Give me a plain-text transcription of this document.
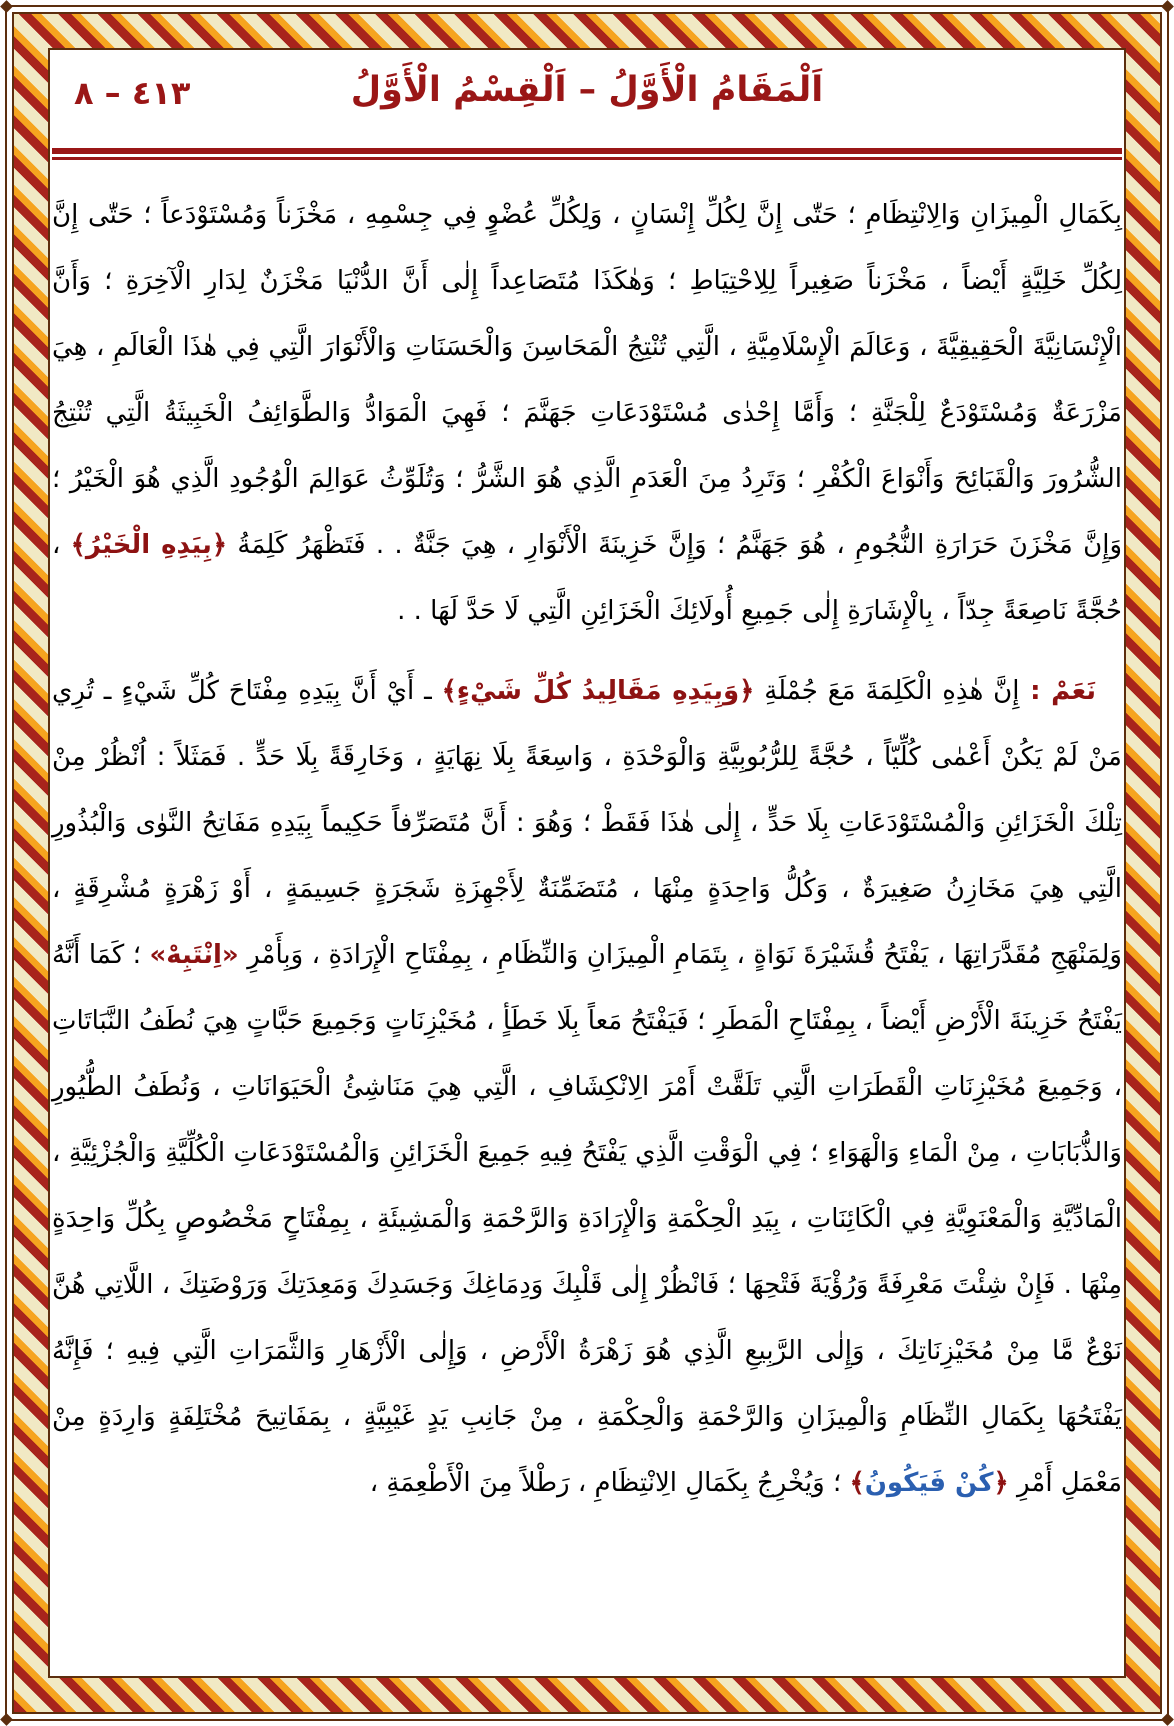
٤١٣ – ٨	اَلْمَقَامُ الْأَوَّلُ – اَلْقِسْمُ الْأَوَّلُ

بِكَمَالِ الْمِيزَانِ وَالِانْتِظَامِ ؛ حَتّٰى إِنَّ لِكُلِّ إِنْسَانٍ ، وَلِكُلِّ عُضْوٍ فِي جِسْمِهِ ، مَخْزَناً وَمُسْتَوْدَعاً ؛ حَتّٰى إِنَّ لِكُلِّ خَلِيَّةٍ أَيْضاً ، مَخْزَناً صَغِيراً لِلِاحْتِيَاطِ ؛ وَهٰكَذَا مُتَصَاعِداً إِلٰى أَنَّ الدُّنْيَا مَخْزَنٌ لِدَارِ الْآخِرَةِ ؛ وَأَنَّ الْإِنْسَانِيَّةَ الْحَقِيقِيَّةَ ، وَعَالَمَ الْإِسْلَامِيَّةِ ، الَّتِي تُنْتِجُ الْمَحَاسِنَ وَالْحَسَنَاتِ وَالْأَنْوَارَ الَّتِي فِي هٰذَا الْعَالَمِ ، هِيَ مَزْرَعَةٌ وَمُسْتَوْدَعٌ لِلْجَنَّةِ ؛ وَأَمَّا إِحْدٰى مُسْتَوْدَعَاتِ جَهَنَّمَ ؛ فَهِيَ الْمَوَادُّ وَالطَّوَائِفُ الْخَبِيثَةُ الَّتِي تُنْتِجُ الشُّرُورَ وَالْقَبَائِحَ وَأَنْوَاعَ الْكُفْرِ ؛ وَتَرِدُ مِنَ الْعَدَمِ الَّذِي هُوَ الشَّرُّ ؛ وَتُلَوِّثُ عَوَالِمَ الْوُجُودِ الَّذِي هُوَ الْخَيْرُ ؛ وَإِنَّ مَخْزَنَ حَرَارَةِ النُّجُومِ ، هُوَ جَهَنَّمُ ؛ وَإِنَّ خَزِينَةَ الْأَنْوَارِ ، هِيَ جَنَّةٌ . . فَتَظْهَرُ كَلِمَةُ ﴿بِيَدِهِ الْخَيْرُ﴾ ، حُجَّةً نَاصِعَةً جِدّاً ، بِالْإِشَارَةِ إِلٰى جَمِيعِ أُولَائِكَ الْخَزَائِنِ الَّتِي لَا حَدَّ لَهَا . .

نَعَمْ : إِنَّ هٰذِهِ الْكَلِمَةَ مَعَ جُمْلَةِ ﴿وَبِيَدِهِ مَقَالِيدُ كُلِّ شَيْءٍ﴾ ـ أَيْ أَنَّ بِيَدِهِ مِفْتَاحَ كُلِّ شَيْءٍ ـ تُرِي مَنْ لَمْ يَكُنْ أَعْمٰى كُلِّيّاً ، حُجَّةً لِلرُّبُوبِيَّةِ وَالْوَحْدَةِ ، وَاسِعَةً بِلَا نِهَايَةٍ ، وَخَارِقَةً بِلَا حَدٍّ . فَمَثَلاً : اُنْظُرْ مِنْ تِلْكَ الْخَزَائِنِ وَالْمُسْتَوْدَعَاتِ بِلَا حَدٍّ ، إِلٰى هٰذَا فَقَطْ ؛ وَهُوَ : أَنَّ مُتَصَرِّفاً حَكِيماً بِيَدِهِ مَفَاتِحُ النَّوٰى وَالْبُذُورِ الَّتِي هِيَ مَخَازِنُ صَغِيرَةٌ ، وَكُلُّ وَاحِدَةٍ مِنْهَا ، مُتَضَمِّنَةٌ لِأَجْهِزَةِ شَجَرَةٍ جَسِيمَةٍ ، أَوْ زَهْرَةٍ مُشْرِقَةٍ ، وَلِمَنْهَجِ مُقَدَّرَاتِهَا ، يَفْتَحُ قُشَيْرَةَ نَوَاةٍ ، بِتَمَامِ الْمِيزَانِ وَالنِّظَامِ ، بِمِفْتَاحِ الْإِرَادَةِ ، وَبِأَمْرِ «اِنْتَبِهْ» ؛ كَمَا أَنَّهُ يَفْتَحُ خَزِينَةَ الْأَرْضِ أَيْضاً ، بِمِفْتَاحِ الْمَطَرِ ؛ فَيَفْتَحُ مَعاً بِلَا خَطَأٍ ، مُخَيْزِنَاتٍ وَجَمِيعَ حَبَّاتٍ هِيَ نُطَفُ النَّبَاتَاتِ ، وَجَمِيعَ مُخَيْزِنَاتِ الْقَطَرَاتِ الَّتِي تَلَقَّتْ أَمْرَ الِانْكِشَافِ ، الَّتِي هِيَ مَنَاشِئُ الْحَيَوَانَاتِ ، وَنُطَفُ الطُّيُورِ وَالذُّبَابَاتِ ، مِنْ الْمَاءِ وَالْهَوَاءِ ؛ فِي الْوَقْتِ الَّذِي يَفْتَحُ فِيهِ جَمِيعَ الْخَزَائِنِ وَالْمُسْتَوْدَعَاتِ الْكُلِّيَّةِ وَالْجُزْئِيَّةِ ، الْمَادِّيَّةِ وَالْمَعْنَوِيَّةِ فِي الْكَائِنَاتِ ، بِيَدِ الْحِكْمَةِ وَالْإِرَادَةِ وَالرَّحْمَةِ وَالْمَشِيئَةِ ، بِمِفْتَاحٍ مَخْصُوصٍ بِكُلِّ وَاحِدَةٍ مِنْهَا . فَإِنْ شِئْتَ مَعْرِفَةً وَرُؤْيَةَ فَتْحِهَا ؛ فَانْظُرْ إِلٰى قَلْبِكَ وَدِمَاغِكَ وَجَسَدِكَ وَمَعِدَتِكَ وَرَوْضَتِكَ ، اللَّاتِي هُنَّ نَوْعٌ مَّا مِنْ مُخَيْزِنَاتِكَ ، وَإِلٰى الرَّبِيعِ الَّذِي هُوَ زَهْرَةُ الْأَرْضِ ، وَإِلٰى الْأَزْهَارِ وَالثَّمَرَاتِ الَّتِي فِيهِ ؛ فَإِنَّهُ يَفْتَحُهَا بِكَمَالِ النِّظَامِ وَالْمِيزَانِ وَالرَّحْمَةِ وَالْحِكْمَةِ ، مِنْ جَانِبِ يَدٍ غَيْبِيَّةٍ ، بِمَفَاتِيحَ مُخْتَلِفَةٍ وَارِدَةٍ مِنْ مَعْمَلِ أَمْرِ ﴿كُنْ فَيَكُونُ﴾ ؛ وَيُخْرِجُ بِكَمَالِ الِانْتِظَامِ ، رَطْلاً مِنَ الْأَطْعِمَةِ ،
